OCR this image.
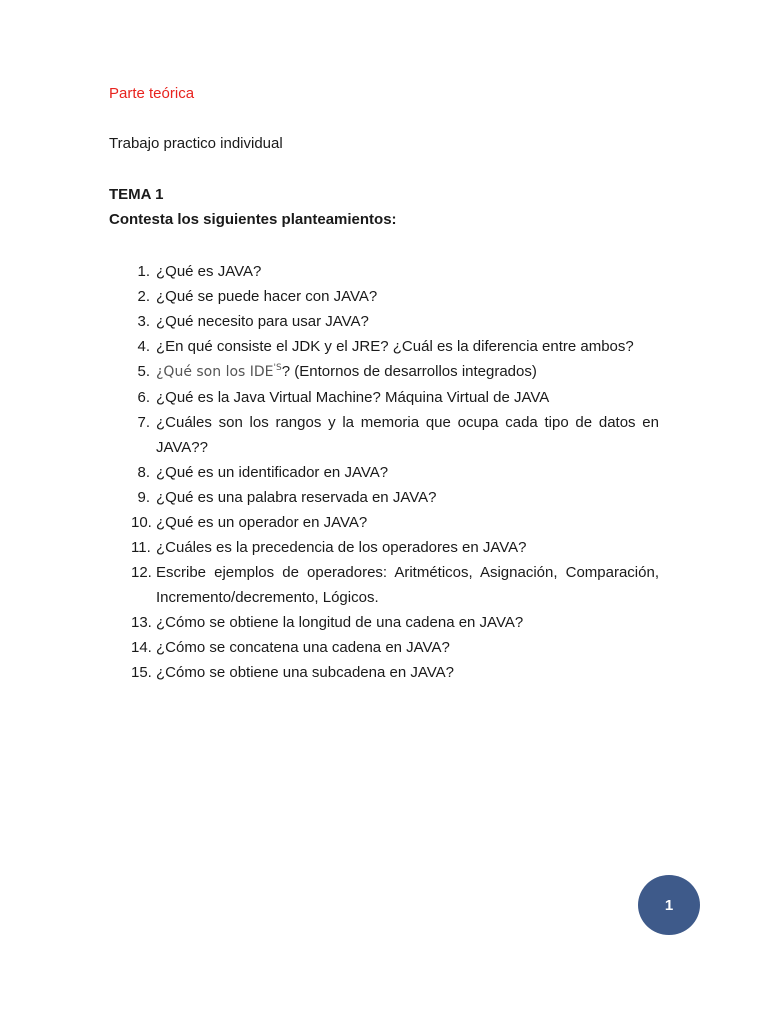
Parte teórica
Trabajo practico individual
TEMA 1
Contesta los siguientes planteamientos:
1. ¿Qué es JAVA?
2. ¿Qué se puede hacer con JAVA?
3. ¿Qué necesito para usar JAVA?
4. ¿En qué consiste el JDK y el JRE? ¿Cuál es la diferencia entre ambos?
5. ¿Qué son los $IDE^{'S}$? (Entornos de desarrollos integrados)
6. ¿Qué es la Java Virtual Machine? Máquina Virtual de JAVA
7. ¿Cuáles son los rangos y la memoria que ocupa cada tipo de datos en JAVA??
8. ¿Qué es un identificador en JAVA?
9. ¿Qué es una palabra reservada en JAVA?
10. ¿Qué es un operador en JAVA?
11. ¿Cuáles es la precedencia de los operadores en JAVA?
12. Escribe ejemplos de operadores: Aritméticos, Asignación, Comparación, Incremento/decremento, Lógicos.
13. ¿Cómo se obtiene la longitud de una cadena en JAVA?
14. ¿Cómo se concatena una cadena en JAVA?
15. ¿Cómo se obtiene una subcadena en JAVA?
1
